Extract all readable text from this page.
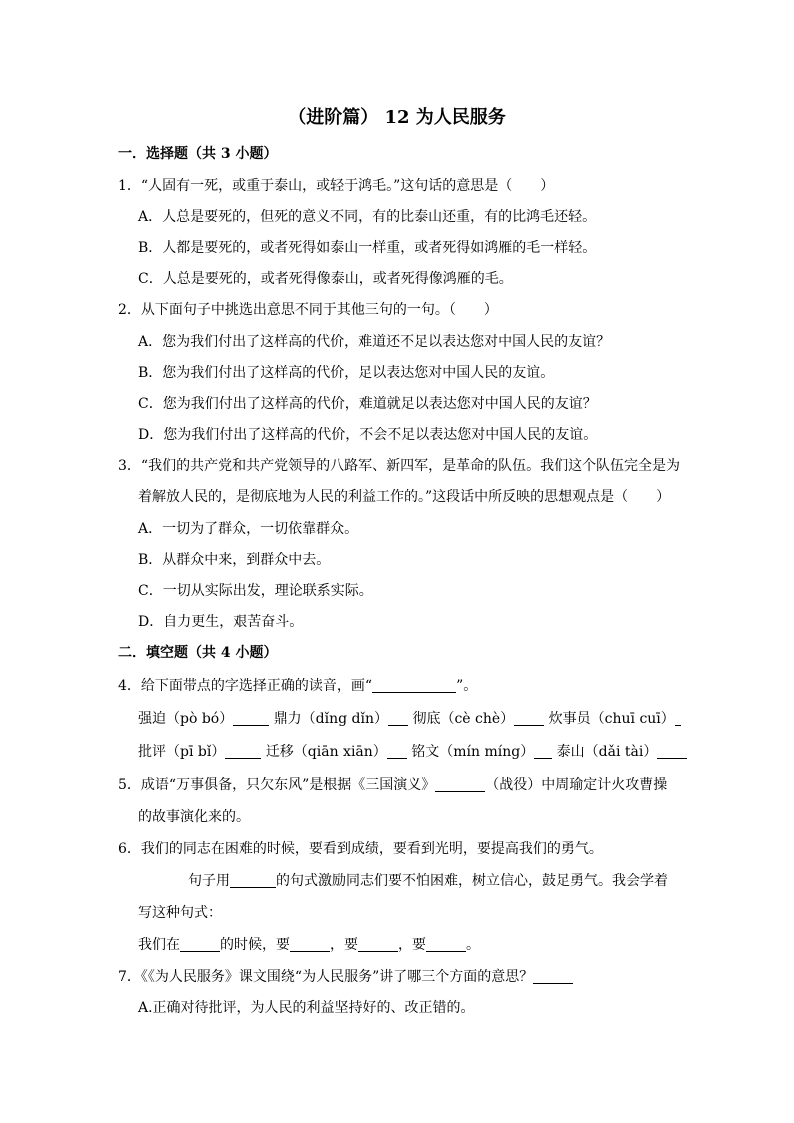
（进阶篇） 12 为人民服务
一．选择题（共 3 小题）
1．“人固有一死，或重于泰山，或轻于鸿毛。”这句话的意思是（　　）
A．人总是要死的，但死的意义不同，有的比泰山还重，有的比鸿毛还轻。
B．人都是要死的，或者死得如泰山一样重，或者死得如鸿雁的毛一样轻。
C．人总是要死的，或者死得像泰山，或者死得像鸿雁的毛。
2．从下面句子中挑选出意思不同于其他三句的一句。（　　）
A．您为我们付出了这样高的代价，难道还不足以表达您对中国人民的友谊？
B．您为我们付出了这样高的代价，足以表达您对中国人民的友谊。
C．您为我们付出了这样高的代价，难道就足以表达您对中国人民的友谊？
D．您为我们付出了这样高的代价，不会不足以表达您对中国人民的友谊。
3．“我们的共产党和共产党领导的八路军、新四军，是革命的队伍。我们这个队伍完全是为
着解放人民的，是彻底地为人民的利益工作的。”这段话中所反映的思想观点是（　　）
A．一切为了群众，一切依靠群众。
B．从群众中来，到群众中去。
C．一切从实际出发，理论联系实际。
D．自力更生，艰苦奋斗。
二．填空题（共 4 小题）
4．给下面带点的字选择正确的读音，画“	”。
强迫（pò bó）	鼎力（dǐng dǐn） 彻底（cè chè） 炊事员（chuī cuī）
批评（pī bǐ）	迁移（qiān xiān） 铭文（mín míng） 泰山（dǎi tài）
5．成语“万事俱备，只欠东风”是根据《三国演义》	（战役）中周瑜定计火攻曹操
的故事演化来的。
6．我们的同志在困难的时候，要看到成绩，要看到光明，要提高我们的勇气。
句子用	的句式激励同志们要不怕困难，树立信心，鼓足勇气。我会学着
写这种句式：
我们在	的时候，要	，要	，要	。
7．《《为人民服务》课文围绕“为人民服务”讲了哪三个方面的意思？
A.正确对待批评，为人民的利益坚持好的、改正错的。
